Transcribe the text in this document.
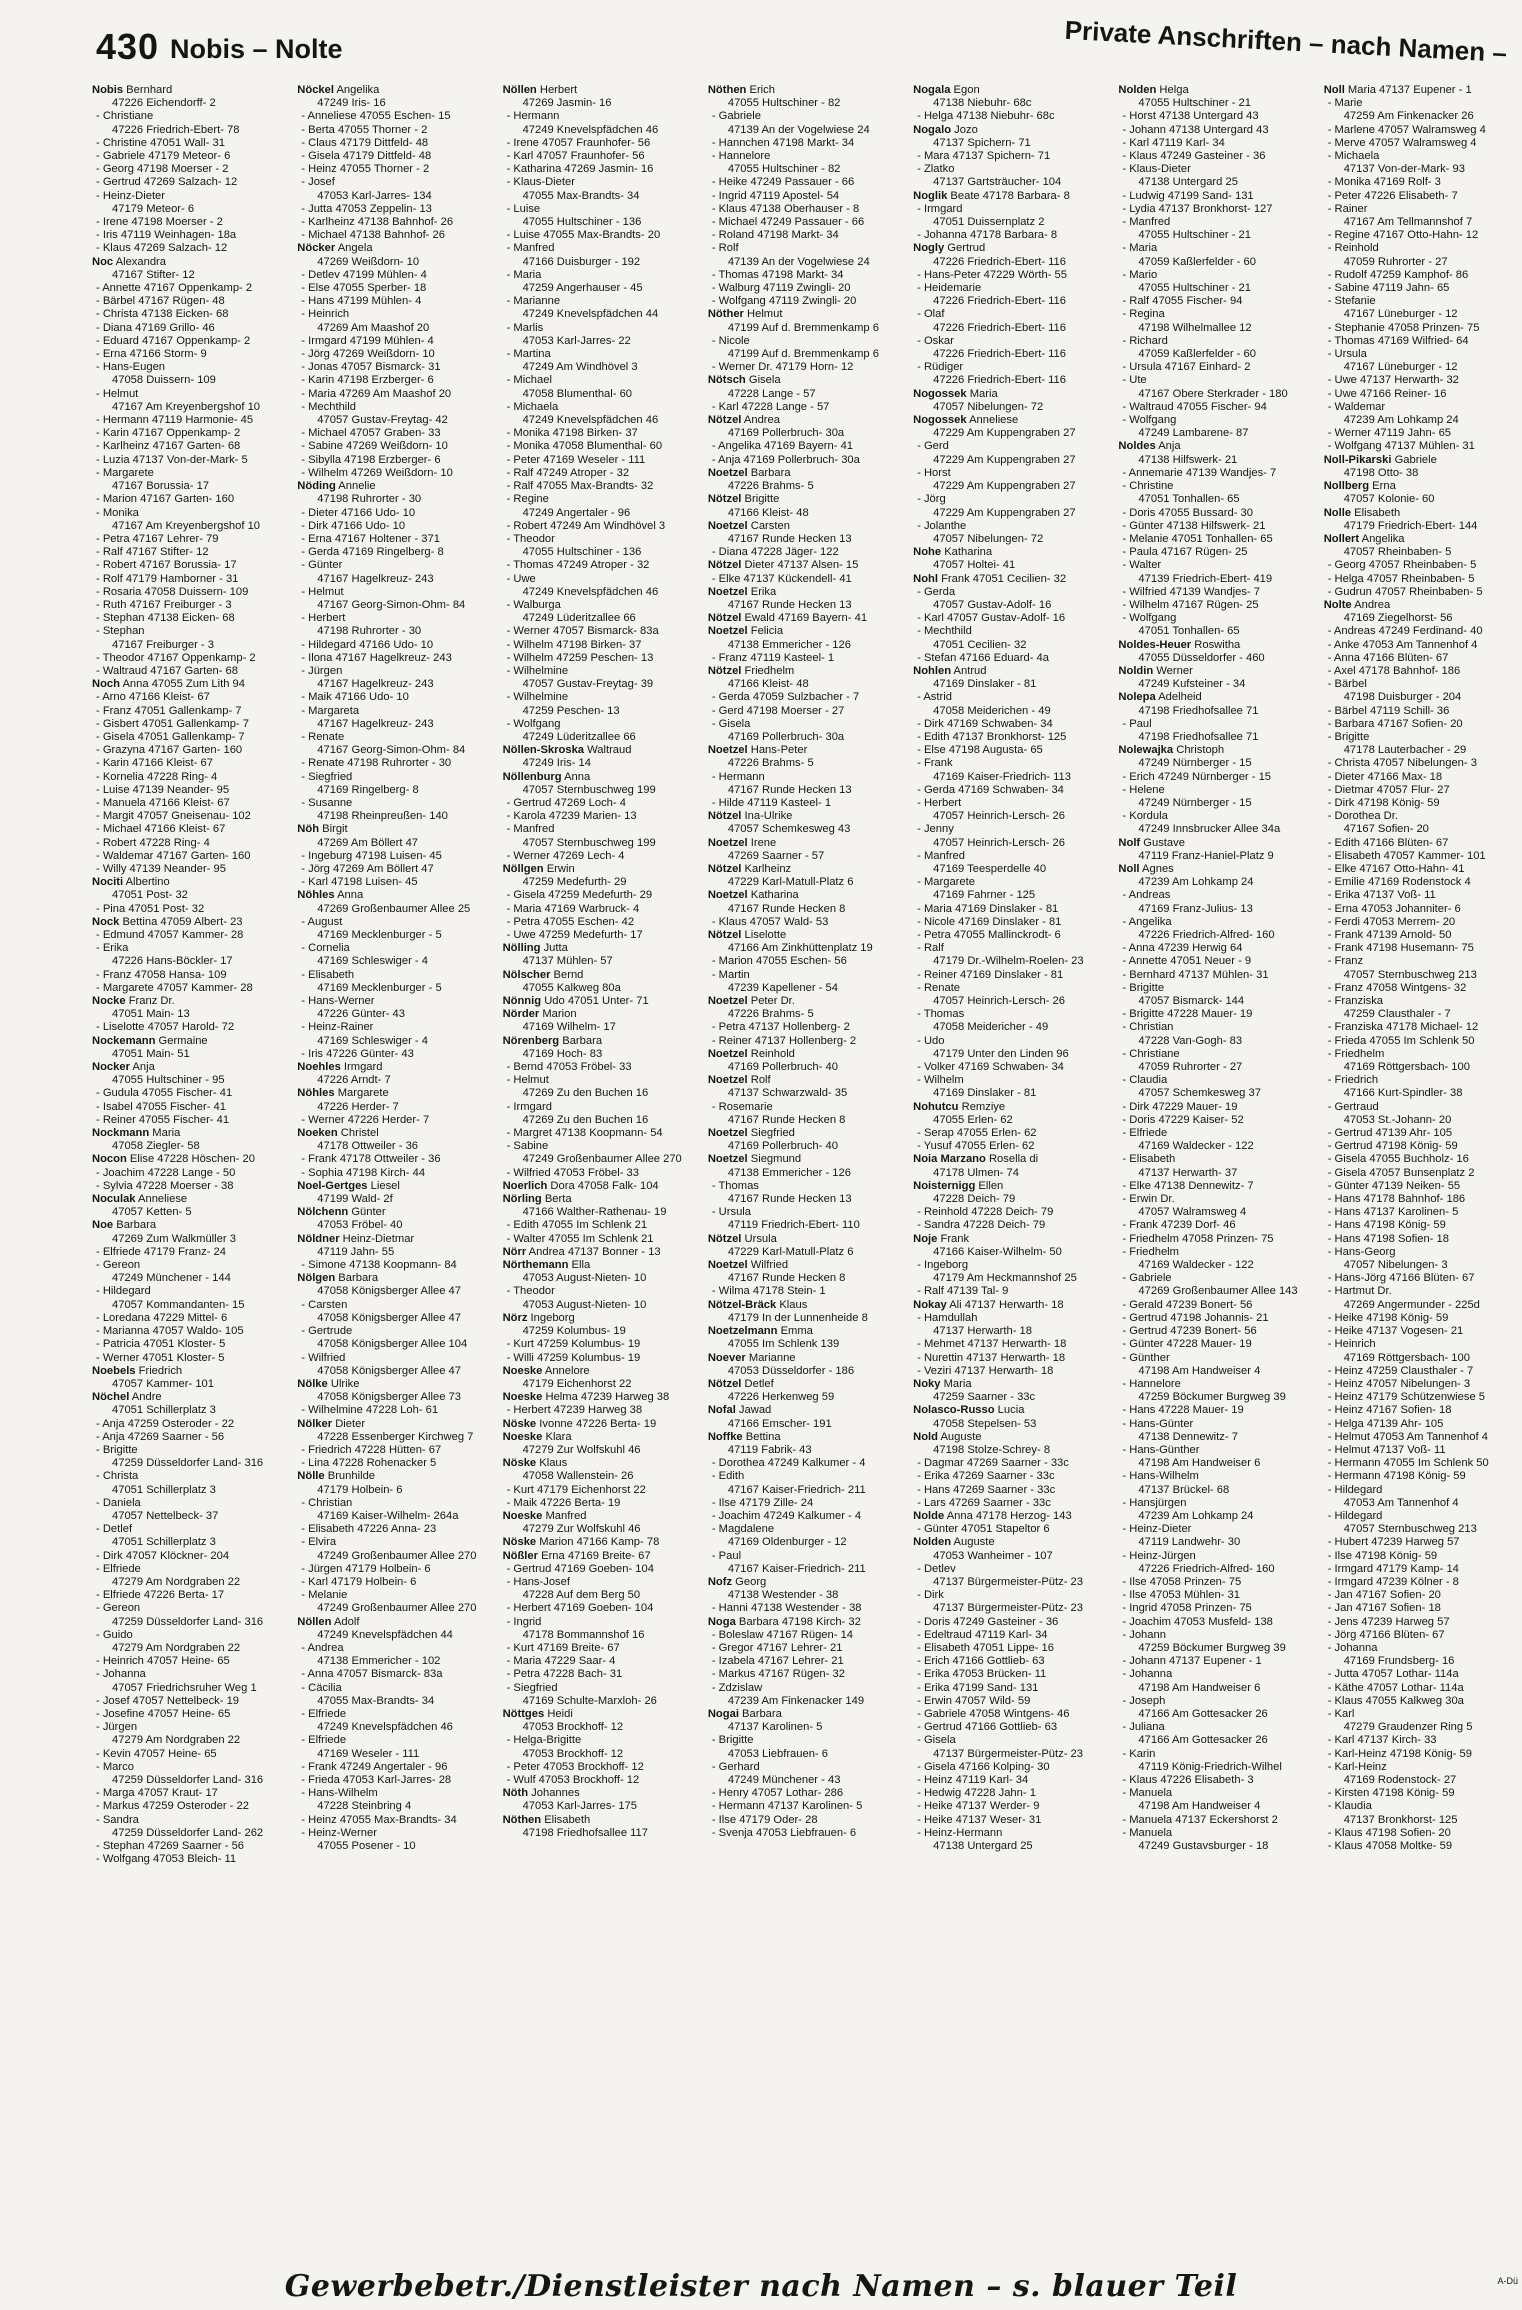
430 Nobis – Nolte	Private Anschriften – nach Namen –
Nobis Bernhard
47226 Eichendorff- 2
- Christiane
47226 Friedrich-Ebert- 78
- Christine 47051 Wall- 31
- Gabriele 47179 Meteor- 6
- Georg 47198 Moerser - 2
- Gertrud 47269 Salzach- 12
- Heinz-Dieter
47179 Meteor- 6
- Irene 47198 Moerser - 2
- Iris 47119 Weinhagen- 18a
- Klaus 47269 Salzach- 12
Noc Alexandra
47167 Stifter- 12
- Annette 47167 Oppenkamp- 2
- Bärbel 47167 Rügen- 48
- Christa 47138 Eicken- 68
- Diana 47169 Grillo- 46
- Eduard 47167 Oppenkamp- 2
- Erna 47166 Storm- 9
- Hans-Eugen
47058 Duissern- 109
- Helmut
47167 Am Kreyenbergshof 10
- Hermann 47119 Harmonie- 45
- Karin 47167 Oppenkamp- 2
- Karlheinz 47167 Garten- 68
- Luzia 47137 Von-der-Mark- 5
- Margarete
47167 Borussia- 17
- Marion 47167 Garten- 160
- Monika
47167 Am Kreyenbergshof 10
- Petra 47167 Lehrer- 79
- Ralf 47167 Stifter- 12
- Robert 47167 Borussia- 17
- Rolf 47179 Hamborner - 31
- Rosaria 47058 Duissern- 109
- Ruth 47167 Freiburger - 3
- Stephan 47138 Eicken- 68
- Stephan
47167 Freiburger - 3
- Theodor 47167 Oppenkamp- 2
- Waltraud 47167 Garten- 68
Noch Anna 47055 Zum Lith 94
- Arno 47166 Kleist- 67
- Franz 47051 Gallenkamp- 7
- Gisbert 47051 Gallenkamp- 7
- Gisela 47051 Gallenkamp- 7
- Grazyna 47167 Garten- 160
- Karin 47166 Kleist- 67
- Kornelia 47228 Ring- 4
- Luise 47139 Neander- 95
- Manuela 47166 Kleist- 67
- Margit 47057 Gneisenau- 102
- Michael 47166 Kleist- 67
- Robert 47228 Ring- 4
- Waldemar 47167 Garten- 160
- Willy 47139 Neander- 95
Nociti Albertino
47051 Post- 32
- Pina 47051 Post- 32
Nock Bettina 47059 Albert- 23
- Edmund 47057 Kammer- 28
- Erika
47226 Hans-Böckler- 17
- Franz 47058 Hansa- 109
- Margarete 47057 Kammer- 28
Nocke Franz Dr.
47051 Main- 13
- Liselotte 47057 Harold- 72
Nockemann Germaine
47051 Main- 51
Nocker Anja
47055 Hultschiner - 95
- Gudula 47055 Fischer- 41
- Isabel 47055 Fischer- 41
- Reiner 47055 Fischer- 41
Nockmann Maria
47058 Ziegler- 58
Nocon Elise 47228 Höschen- 20
- Joachim 47228 Lange - 50
- Sylvia 47228 Moerser - 38
Noculak Anneliese
47057 Ketten- 5
Noe Barbara
47269 Zum Walkmüller 3
- Elfriede 47179 Franz- 24
- Gereon
47249 Münchener - 144
- Hildegard
47057 Kommandanten- 15
- Loredana 47229 Mittel- 6
- Marianna 47057 Waldo- 105
- Patricia 47051 Kloster- 5
- Werner 47051 Kloster- 5
Noebels Friedrich
47057 Kammer- 101
Nöchel Andre
47051 Schillerplatz 3
- Anja 47259 Osteroder - 22
- Anja 47269 Saarner - 56
- Brigitte
47259 Düsseldorfer Land- 316
- Christa
47051 Schillerplatz 3
- Daniela
47057 Nettelbeck- 37
- Detlef
47051 Schillerplatz 3
- Dirk 47057 Klöckner- 204
- Elfriede
47279 Am Nordgraben 22
- Elfriede 47226 Berta- 17
- Gereon
47259 Düsseldorfer Land- 316
- Guido
47279 Am Nordgraben 22
- Heinrich 47057 Heine- 65
- Johanna
47057 Friedrichsruher Weg 1
- Josef 47057 Nettelbeck- 19
- Josefine 47057 Heine- 65
- Jürgen
47279 Am Nordgraben 22
- Kevin 47057 Heine- 65
- Marco
47259 Düsseldorfer Land- 316
- Marga 47057 Kraut- 17
- Markus 47259 Osteroder - 22
- Sandra
47259 Düsseldorfer Land- 262
- Stephan 47269 Saarner - 56
- Wolfgang 47053 Bleich- 11
Nöckel Angelika
47249 Iris- 16
- Anneliese 47055 Eschen- 15
- Berta 47055 Thorner - 2
- Claus 47179 Dittfeld- 48
- Gisela 47179 Dittfeld- 48
- Heinz 47055 Thorner - 2
- Josef
47053 Karl-Jarres- 134
- Jutta 47053 Zeppelin- 13
- Karlheinz 47138 Bahnhof- 26
- Michael 47138 Bahnhof- 26
Nöcker Angela
47269 Weißdorn- 10
- Detlev 47199 Mühlen- 4
- Else 47055 Sperber- 18
- Hans 47199 Mühlen- 4
- Heinrich
47269 Am Maashof 20
- Irmgard 47199 Mühlen- 4
- Jörg 47269 Weißdorn- 10
- Jonas 47057 Bismarck- 31
- Karin 47198 Erzberger- 6
- Maria 47269 Am Maashof 20
- Mechthild
47057 Gustav-Freytag- 42
- Michael 47057 Graben- 33
- Sabine 47269 Weißdorn- 10
- Sibylla 47198 Erzberger- 6
- Wilhelm 47269 Weißdorn- 10
Nöding Annelie
47198 Ruhrorter - 30
- Dieter 47166 Udo- 10
- Dirk 47166 Udo- 10
- Erna 47167 Holtener - 371
- Gerda 47169 Ringelberg- 8
- Günter
47167 Hagelkreuz- 243
- Helmut
47167 Georg-Simon-Ohm- 84
- Herbert
47198 Ruhrorter - 30
- Hildegard 47166 Udo- 10
- Ilona 47167 Hagelkreuz- 243
- Jürgen
47167 Hagelkreuz- 243
- Maik 47166 Udo- 10
- Margareta
47167 Hagelkreuz- 243
- Renate
47167 Georg-Simon-Ohm- 84
- Renate 47198 Ruhrorter - 30
- Siegfried
47169 Ringelberg- 8
- Susanne
47198 Rheinpreußen- 140
Nöh Birgit
47269 Am Böllert 47
- Ingeburg 47198 Luisen- 45
- Jörg 47269 Am Böllert 47
- Karl 47198 Luisen- 45
Nöhles Anna
47269 Großenbaumer Allee 25
- August
47169 Mecklenburger - 5
- Cornelia
47169 Schleswiger - 4
- Elisabeth
47169 Mecklenburger - 5
- Hans-Werner
47226 Günter- 43
- Heinz-Rainer
47169 Schleswiger - 4
- Iris 47226 Günter- 43
Noehles Irmgard
47226 Arndt- 7
Nöhles Margarete
47226 Herder- 7
- Werner 47226 Herder- 7
Noeken Christel
47178 Ottweiler - 36
- Frank 47178 Ottweiler - 36
- Sophia 47198 Kirch- 44
Noel-Gertges Liesel
47199 Wald- 2f
Nölchenn Günter
47053 Fröbel- 40
Nöldner Heinz-Dietmar
47119 Jahn- 55
- Simone 47138 Koopmann- 84
Nölgen Barbara
47058 Königsberger Allee 47
- Carsten
47058 Königsberger Allee 47
- Gertrude
47058 Königsberger Allee 104
- Wilfried
47058 Königsberger Allee 47
Nölke Ulrike
47058 Königsberger Allee 73
- Wilhelmine 47228 Loh- 61
Nölker Dieter
47228 Essenberger Kirchweg 7
- Friedrich 47228 Hütten- 67
- Lina 47228 Rohenacker 5
Nölle Brunhilde
47179 Holbein- 6
- Christian
47169 Kaiser-Wilhelm- 264a
- Elisabeth 47226 Anna- 23
- Elvira
47249 Großenbaumer Allee 270
- Jürgen 47179 Holbein- 6
- Karl 47179 Holbein- 6
- Melanie
47249 Großenbaumer Allee 270
Nöllen Adolf
47249 Knevelspfädchen 44
- Andrea
47138 Emmericher - 102
- Anna 47057 Bismarck- 83a
- Cäcilia
47055 Max-Brandts- 34
- Elfriede
47249 Knevelspfädchen 46
- Elfriede
47169 Weseler - 111
- Frank 47249 Angertaler - 96
- Frieda 47053 Karl-Jarres- 28
- Hans-Wilhelm
47228 Steinbring 4
- Heinz 47055 Max-Brandts- 34
- Heinz-Werner
47055 Posener - 10
Nöllen Herbert
47269 Jasmin- 16
- Hermann
47249 Knevelspfädchen 46
- Irene 47057 Fraunhofer- 56
- Karl 47057 Fraunhofer- 56
- Katharina 47269 Jasmin- 16
- Klaus-Dieter
47055 Max-Brandts- 34
- Luise
47055 Hultschiner - 136
- Luise 47055 Max-Brandts- 20
- Manfred
47166 Duisburger - 192
- Maria
47259 Angerhauser - 45
- Marianne
47249 Knevelspfädchen 44
- Marlis
47053 Karl-Jarres- 22
- Martina
47249 Am Windhövel 3
- Michael
47058 Blumenthal- 60
- Michaela
47249 Knevelspfädchen 46
- Monika 47198 Birken- 37
- Monika 47058 Blumenthal- 60
- Peter 47169 Weseler - 111
- Ralf 47249 Atroper - 32
- Ralf 47055 Max-Brandts- 32
- Regine
47249 Angertaler - 96
- Robert 47249 Am Windhövel 3
- Theodor
47055 Hultschiner - 136
- Thomas 47249 Atroper - 32
- Uwe
47249 Knevelspfädchen 46
- Walburga
47249 Lüderitzallee 66
- Werner 47057 Bismarck- 83a
- Wilhelm 47198 Birken- 37
- Wilhelm 47259 Peschen- 13
- Wilhelmine
47057 Gustav-Freytag- 39
- Wilhelmine
47259 Peschen- 13
- Wolfgang
47249 Lüderitzallee 66
Nöllen-Skroska Waltraud
47249 Iris- 14
Nöllenburg Anna
47057 Sternbuschweg 199
- Gertrud 47269 Loch- 4
- Karola 47239 Marien- 13
- Manfred
47057 Sternbuschweg 199
- Werner 47269 Lech- 4
Nöllgen Erwin
47259 Medefurth- 29
- Gisela 47259 Medefurth- 29
- Maria 47169 Warbruck- 4
- Petra 47055 Eschen- 42
- Uwe 47259 Medefurth- 17
Nölling Jutta
47137 Mühlen- 57
Nölscher Bernd
47055 Kalkweg 80a
Nönnig Udo 47051 Unter- 71
Nörder Marion
47169 Wilhelm- 17
Nörenberg Barbara
47169 Hoch- 83
- Bernd 47053 Fröbel- 33
- Helmut
47269 Zu den Buchen 16
- Irmgard
47269 Zu den Buchen 16
- Margret 47138 Koopmann- 54
- Sabine
47249 Großenbaumer Allee 270
- Wilfried 47053 Fröbel- 33
Noerlich Dora 47058 Falk- 104
Nörling Berta
47166 Walther-Rathenau- 19
- Edith 47055 Im Schlenk 21
- Walter 47055 Im Schlenk 21
Nörr Andrea 47137 Bonner - 13
Nörthemann Ella
47053 August-Nieten- 10
- Theodor
47053 August-Nieten- 10
Nörz Ingeborg
47259 Kolumbus- 19
- Kurt 47259 Kolumbus- 19
- Willi 47259 Kolumbus- 19
Noeske Annelore
47179 Eichenhorst 22
Noeske Helma 47239 Harweg 38
- Herbert 47239 Harweg 38
Nöske Ivonne 47226 Berta- 19
Noeske Klara
47279 Zur Wolfskuhl 46
Nöske Klaus
47058 Wallenstein- 26
- Kurt 47179 Eichenhorst 22
- Maik 47226 Berta- 19
Noeske Manfred
47279 Zur Wolfskuhl 46
Nöske Marion 47166 Kamp- 78
Nößler Erna 47169 Breite- 67
- Gertrud 47169 Goeben- 104
- Hans-Josef
47228 Auf dem Berg 50
- Herbert 47169 Goeben- 104
- Ingrid
47178 Bommannshof 16
- Kurt 47169 Breite- 67
- Maria 47229 Saar- 4
- Petra 47228 Bach- 31
- Siegfried
47169 Schulte-Marxloh- 26
Nöttges Heidi
47053 Brockhoff- 12
- Helga-Brigitte
47053 Brockhoff- 12
- Peter 47053 Brockhoff- 12
- Wulf 47053 Brockhoff- 12
Nöth Johannes
47053 Karl-Jarres- 175
Nöthen Elisabeth
47198 Friedhofsallee 117
Nöthen Erich
47055 Hultschiner - 82
- Gabriele
47139 An der Vogelwiese 24
- Hannchen 47198 Markt- 34
- Hannelore
47055 Hultschiner - 82
- Heike 47249 Passauer - 66
- Ingrid 47119 Apostel- 54
- Klaus 47138 Oberhauser - 8
- Michael 47249 Passauer - 66
- Roland 47198 Markt- 34
- Rolf
47139 An der Vogelwiese 24
- Thomas 47198 Markt- 34
- Walburg 47119 Zwingli- 20
- Wolfgang 47119 Zwingli- 20
Nöther Helmut
47199 Auf d. Bremmenkamp 6
- Nicole
47199 Auf d. Bremmenkamp 6
- Werner Dr. 47179 Horn- 12
Nötsch Gisela
47228 Lange - 57
- Karl 47228 Lange - 57
Nötzel Andrea
47169 Pollerbruch- 30a
- Angelika 47169 Bayern- 41
- Anja 47169 Pollerbruch- 30a
Noetzel Barbara
47226 Brahms- 5
Nötzel Brigitte
47166 Kleist- 48
Noetzel Carsten
47167 Runde Hecken 13
- Diana 47228 Jäger- 122
Nötzel Dieter 47137 Alsen- 15
- Elke 47137 Kückendell- 41
Noetzel Erika
47167 Runde Hecken 13
Nötzel Ewald 47169 Bayern- 41
Noetzel Felicia
47138 Emmericher - 126
- Franz 47119 Kasteel- 1
Nötzel Friedhelm
47166 Kleist- 48
- Gerda 47059 Sulzbacher - 7
- Gerd 47198 Moerser - 27
- Gisela
47169 Pollerbruch- 30a
Noetzel Hans-Peter
47226 Brahms- 5
- Hermann
47167 Runde Hecken 13
- Hilde 47119 Kasteel- 1
Nötzel Ina-Ulrike
47057 Schemkesweg 43
Noetzel Irene
47269 Saarner - 57
Nötzel Karlheinz
47229 Karl-Matull-Platz 6
Noetzel Katharina
47167 Runde Hecken 8
- Klaus 47057 Wald- 53
Nötzel Liselotte
47166 Am Zinkhüttenplatz 19
- Marion 47055 Eschen- 56
- Martin
47239 Kapellener - 54
Noetzel Peter Dr.
47226 Brahms- 5
- Petra 47137 Hollenberg- 2
- Reiner 47137 Hollenberg- 2
Noetzel Reinhold
47169 Pollerbruch- 40
Noetzel Rolf
47137 Schwarzwald- 35
- Rosemarie
47167 Runde Hecken 8
Noetzel Siegfried
47169 Pollerbruch- 40
Noetzel Siegmund
47138 Emmericher - 126
- Thomas
47167 Runde Hecken 13
- Ursula
47119 Friedrich-Ebert- 110
Nötzel Ursula
47229 Karl-Matull-Platz 6
Noetzel Wilfried
47167 Runde Hecken 8
- Wilma 47178 Stein- 1
Nötzel-Bräck Klaus
47179 In der Lunnenheide 8
Noetzelmann Emma
47055 Im Schlenk 139
Noever Marianne
47053 Düsseldorfer - 186
Nötzel Detlef
47226 Herkenweg 59
Nofal Jawad
47166 Emscher- 191
Noffke Bettina
47119 Fabrik- 43
- Dorothea 47249 Kalkumer - 4
- Edith
47167 Kaiser-Friedrich- 211
- Ilse 47179 Zille- 24
- Joachim 47249 Kalkumer - 4
- Magdalene
47169 Oldenburger - 12
- Paul
47167 Kaiser-Friedrich- 211
Nofz Georg
47138 Westender - 38
- Hanni 47138 Westender - 38
Noga Barbara 47198 Kirch- 32
- Boleslaw 47167 Rügen- 14
- Gregor 47167 Lehrer- 21
- Izabela 47167 Lehrer- 21
- Markus 47167 Rügen- 32
- Zdzislaw
47239 Am Finkenacker 149
Nogai Barbara
47137 Karolinen- 5
- Brigitte
47053 Liebfrauen- 6
- Gerhard
47249 Münchener - 43
- Henry 47057 Lothar- 286
- Hermann 47137 Karolinen- 5
- Ilse 47179 Oder- 28
- Svenja 47053 Liebfrauen- 6
Nogala Egon
47138 Niebuhr- 68c
- Helga 47138 Niebuhr- 68c
Nogalo Jozo
47137 Spichern- 71
- Mara 47137 Spichern- 71
- Zlatko
47137 Gartsträucher- 104
Noglik Beate 47178 Barbara- 8
- Irmgard
47051 Duissernplatz 2
- Johanna 47178 Barbara- 8
Nogly Gertrud
47226 Friedrich-Ebert- 116
- Hans-Peter 47229 Wörth- 55
- Heidemarie
47226 Friedrich-Ebert- 116
- Olaf
47226 Friedrich-Ebert- 116
- Oskar
47226 Friedrich-Ebert- 116
- Rüdiger
47226 Friedrich-Ebert- 116
Nogossek Maria
47057 Nibelungen- 72
Nogossek Anneliese
47229 Am Kuppengraben 27
- Gerd
47229 Am Kuppengraben 27
- Horst
47229 Am Kuppengraben 27
- Jörg
47229 Am Kuppengraben 27
- Jolanthe
47057 Nibelungen- 72
Nohe Katharina
47057 Holtei- 41
Nohl Frank 47051 Cecilien- 32
- Gerda
47057 Gustav-Adolf- 16
- Karl 47057 Gustav-Adolf- 16
- Mechthild
47051 Cecilien- 32
- Stefan 47166 Eduard- 4a
Nohlen Antrud
47169 Dinslaker - 81
- Astrid
47058 Meiderichen - 49
- Dirk 47169 Schwaben- 34
- Edith 47137 Bronkhorst- 125
- Else 47198 Augusta- 65
- Frank
47169 Kaiser-Friedrich- 113
- Gerda 47169 Schwaben- 34
- Herbert
47057 Heinrich-Lersch- 26
- Jenny
47057 Heinrich-Lersch- 26
- Manfred
47169 Teesperdelle 40
- Margarete
47169 Fahrner - 125
- Maria 47169 Dinslaker - 81
- Nicole 47169 Dinslaker - 81
- Petra 47055 Mallinckrodt- 6
- Ralf
47179 Dr.-Wilhelm-Roelen- 23
- Reiner 47169 Dinslaker - 81
- Renate
47057 Heinrich-Lersch- 26
- Thomas
47058 Meidericher - 49
- Udo
47179 Unter den Linden 96
- Volker 47169 Schwaben- 34
- Wilhelm
47169 Dinslaker - 81
Nohutcu Remziye
47055 Erlen- 62
- Serap 47055 Erlen- 62
- Yusuf 47055 Erlen- 62
Noia Marzano Rosella di
47178 Ulmen- 74
Noisternigg Ellen
47228 Deich- 79
- Reinhold 47228 Deich- 79
- Sandra 47228 Deich- 79
Noje Frank
47166 Kaiser-Wilhelm- 50
- Ingeborg
47179 Am Heckmannshof 25
- Ralf 47139 Tal- 9
Nokay Ali 47137 Herwarth- 18
- Hamdullah
47137 Herwarth- 18
- Mehmet 47137 Herwarth- 18
- Nurettin 47137 Herwarth- 18
- Veziri 47137 Herwarth- 18
Noky Maria
47259 Saarner - 33c
Nolasco-Russo Lucia
47058 Stepelsen- 53
Nold Auguste
47198 Stolze-Schrey- 8
- Dagmar 47269 Saarner - 33c
- Erika 47269 Saarner - 33c
- Hans 47269 Saarner - 33c
- Lars 47269 Saarner - 33c
Nolde Anna 47178 Herzog- 143
- Günter 47051 Stapeltor 6
Nolden Auguste
47053 Wanheimer - 107
- Detlev
47137 Bürgermeister-Pütz- 23
- Dirk
47137 Bürgermeister-Pütz- 23
- Doris 47249 Gasteiner - 36
- Edeltraud 47119 Karl- 34
- Elisabeth 47051 Lippe- 16
- Erich 47166 Gottlieb- 63
- Erika 47053 Brücken- 11
- Erika 47199 Sand- 131
- Erwin 47057 Wild- 59
- Gabriele 47058 Wintgens- 46
- Gertrud 47166 Gottlieb- 63
- Gisela
47137 Bürgermeister-Pütz- 23
- Gisela 47166 Kolping- 30
- Heinz 47119 Karl- 34
- Hedwig 47228 Jahn- 1
- Heike 47137 Werder- 9
- Heike 47137 Weser- 31
- Heinz-Hermann
47138 Untergard 25
Nolden Helga
47055 Hultschiner - 21
- Horst 47138 Untergard 43
- Johann 47138 Untergard 43
- Karl 47119 Karl- 34
- Klaus 47249 Gasteiner - 36
- Klaus-Dieter
47138 Untergard 25
- Ludwig 47199 Sand- 131
- Lydia 47137 Bronkhorst- 127
- Manfred
47055 Hultschiner - 21
- Maria
47059 Kaßlerfelder - 60
- Mario
47055 Hultschiner - 21
- Ralf 47055 Fischer- 94
- Regina
47198 Wilhelmallee 12
- Richard
47059 Kaßlerfelder - 60
- Ursula 47167 Einhard- 2
- Ute
47167 Obere Sterkrader - 180
- Waltraud 47055 Fischer- 94
- Wolfgang
47249 Lambarene- 87
Noldes Anja
47138 Hilfswerk- 21
- Annemarie 47139 Wandjes- 7
- Christine
47051 Tonhallen- 65
- Doris 47055 Bussard- 30
- Günter 47138 Hilfswerk- 21
- Melanie 47051 Tonhallen- 65
- Paula 47167 Rügen- 25
- Walter
47139 Friedrich-Ebert- 419
- Wilfried 47139 Wandjes- 7
- Wilhelm 47167 Rügen- 25
- Wolfgang
47051 Tonhallen- 65
Noldes-Heuer Roswitha
47055 Düsseldorfer - 460
Noldin Werner
47249 Kufsteiner - 34
Nolepa Adelheid
47198 Friedhofsallee 71
- Paul
47198 Friedhofsallee 71
Nolewajka Christoph
47249 Nürnberger - 15
- Erich 47249 Nürnberger - 15
- Helene
47249 Nürnberger - 15
- Kordula
47249 Innsbrucker Allee 34a
Nolf Gustave
47119 Franz-Haniel-Platz 9
Noll Agnes
47239 Am Lohkamp 24
- Andreas
47169 Franz-Julius- 13
- Angelika
47226 Friedrich-Alfred- 160
- Anna 47239 Herwig 64
- Annette 47051 Neuer - 9
- Bernhard 47137 Mühlen- 31
- Brigitte
47057 Bismarck- 144
- Brigitte 47228 Mauer- 19
- Christian
47228 Van-Gogh- 83
- Christiane
47059 Ruhrorter - 27
- Claudia
47057 Schemkesweg 37
- Dirk 47229 Mauer- 19
- Doris 47229 Kaiser- 52
- Elfriede
47169 Waldecker - 122
- Elisabeth
47137 Herwarth- 37
- Elke 47138 Dennewitz- 7
- Erwin Dr.
47057 Walramsweg 4
- Frank 47239 Dorf- 46
- Friedhelm 47058 Prinzen- 75
- Friedhelm
47169 Waldecker - 122
- Gabriele
47269 Großenbaumer Allee 143
- Gerald 47239 Bonert- 56
- Gertrud 47198 Johannis- 21
- Gertrud 47239 Bonert- 56
- Günter 47228 Mauer- 19
- Günther
47198 Am Handweiser 4
- Hannelore
47259 Böckumer Burgweg 39
- Hans 47228 Mauer- 19
- Hans-Günter
47138 Dennewitz- 7
- Hans-Günther
47198 Am Handweiser 6
- Hans-Wilhelm
47137 Brückel- 68
- Hansjürgen
47239 Am Lohkamp 24
- Heinz-Dieter
47119 Landwehr- 30
- Heinz-Jürgen
47226 Friedrich-Alfred- 160
- Ilse 47058 Prinzen- 75
- Ilse 47053 Mühlen- 31
- Ingrid 47058 Prinzen- 75
- Joachim 47053 Musfeld- 138
- Johann
47259 Böckumer Burgweg 39
- Johann 47137 Eupener - 1
- Johanna
47198 Am Handweiser 6
- Joseph
47166 Am Gottesacker 26
- Juliana
47166 Am Gottesacker 26
- Karin
47119 König-Friedrich-Wilhel
- Klaus 47226 Elisabeth- 3
- Manuela
47198 Am Handweiser 4
- Manuela 47137 Eckershorst 2
- Manuela
47249 Gustavsburger - 18
Noll Maria 47137 Eupener - 1
- Marie
47259 Am Finkenacker 26
- Marlene 47057 Walramsweg 4
- Merve 47057 Walramsweg 4
- Michaela
47137 Von-der-Mark- 93
- Monika 47169 Rolf- 3
- Peter 47226 Elisabeth- 7
- Rainer
47167 Am Tellmannshof 7
- Regine 47167 Otto-Hahn- 12
- Reinhold
47059 Ruhrorter - 27
- Rudolf 47259 Kamphof- 86
- Sabine 47119 Jahn- 65
- Stefanie
47167 Lüneburger - 12
- Stephanie 47058 Prinzen- 75
- Thomas 47169 Wilfried- 64
- Ursula
47167 Lüneburger - 12
- Uwe 47137 Herwarth- 32
- Uwe 47166 Reiner- 16
- Waldemar
47239 Am Lohkamp 24
- Werner 47119 Jahn- 65
- Wolfgang 47137 Mühlen- 31
Noll-Pikarski Gabriele
47198 Otto- 38
Nollberg Erna
47057 Kolonie- 60
Nolle Elisabeth
47179 Friedrich-Ebert- 144
Nollert Angelika
47057 Rheinbaben- 5
- Georg 47057 Rheinbaben- 5
- Helga 47057 Rheinbaben- 5
- Gudrun 47057 Rheinbaben- 5
Nolte Andrea
47169 Ziegelhorst- 56
- Andreas 47249 Ferdinand- 40
- Anke 47053 Am Tannenhof 4
- Anna 47166 Blüten- 67
- Axel 47178 Bahnhof- 186
- Bärbel
47198 Duisburger - 204
- Bärbel 47119 Schill- 36
- Barbara 47167 Sofien- 20
- Brigitte
47178 Lauterbacher - 29
- Christa 47057 Nibelungen- 3
- Dieter 47166 Max- 18
- Dietmar 47057 Flur- 27
- Dirk 47198 König- 59
- Dorothea Dr.
47167 Sofien- 20
- Edith 47166 Blüten- 67
- Elisabeth 47057 Kammer- 101
- Elke 47167 Otto-Hahn- 41
- Emilie 47169 Rodenstock 4
- Erika 47137 Voß- 11
- Erna 47053 Johanniter- 6
- Ferdi 47053 Merrem- 20
- Frank 47139 Arnold- 50
- Frank 47198 Husemann- 75
- Franz
47057 Sternbuschweg 213
- Franz 47058 Wintgens- 32
- Franziska
47259 Clausthaler - 7
- Franziska 47178 Michael- 12
- Frieda 47055 Im Schlenk 50
- Friedhelm
47169 Röttgersbach- 100
- Friedrich
47166 Kurt-Spindler- 38
- Gertraud
47053 St.-Johann- 20
- Gertrud 47139 Ahr- 105
- Gertrud 47198 König- 59
- Gisela 47055 Buchholz- 16
- Gisela 47057 Bunsenplatz 2
- Günter 47139 Neiken- 55
- Hans 47178 Bahnhof- 186
- Hans 47137 Karolinen- 5
- Hans 47198 König- 59
- Hans 47198 Sofien- 18
- Hans-Georg
47057 Nibelungen- 3
- Hans-Jörg 47166 Blüten- 67
- Hartmut Dr.
47269 Angermunder - 225d
- Heike 47198 König- 59
- Heike 47137 Vogesen- 21
- Heinrich
47169 Röttgersbach- 100
- Heinz 47259 Clausthaler - 7
- Heinz 47057 Nibelungen- 3
- Heinz 47179 Schützenwiese 5
- Heinz 47167 Sofien- 18
- Helga 47139 Ahr- 105
- Helmut 47053 Am Tannenhof 4
- Helmut 47137 Voß- 11
- Hermann 47055 Im Schlenk 50
- Hermann 47198 König- 59
- Hildegard
47053 Am Tannenhof 4
- Hildegard
47057 Sternbuschweg 213
- Hubert 47239 Harweg 57
- Ilse 47198 König- 59
- Irmgard 47179 Kamp- 14
- Irmgard 47239 Kölner - 8
- Jan 47167 Sofien- 20
- Jan 47167 Sofien- 18
- Jens 47239 Harweg 57
- Jörg 47166 Blüten- 67
- Johanna
47169 Frundsberg- 16
- Jutta 47057 Lothar- 114a
- Käthe 47057 Lothar- 114a
- Klaus 47055 Kalkweg 30a
- Karl
47279 Graudenzer Ring 5
- Karl 47137 Kirch- 33
- Karl-Heinz 47198 König- 59
- Karl-Heinz
47169 Rodenstock- 27
- Kirsten 47198 König- 59
- Klaudia
47137 Bronkhorst- 125
- Klaus 47198 Sofien- 20
- Klaus 47058 Moltke- 59
Gewerbebetr./Dienstleister nach Namen – s. blauer Teil	A-Dü
